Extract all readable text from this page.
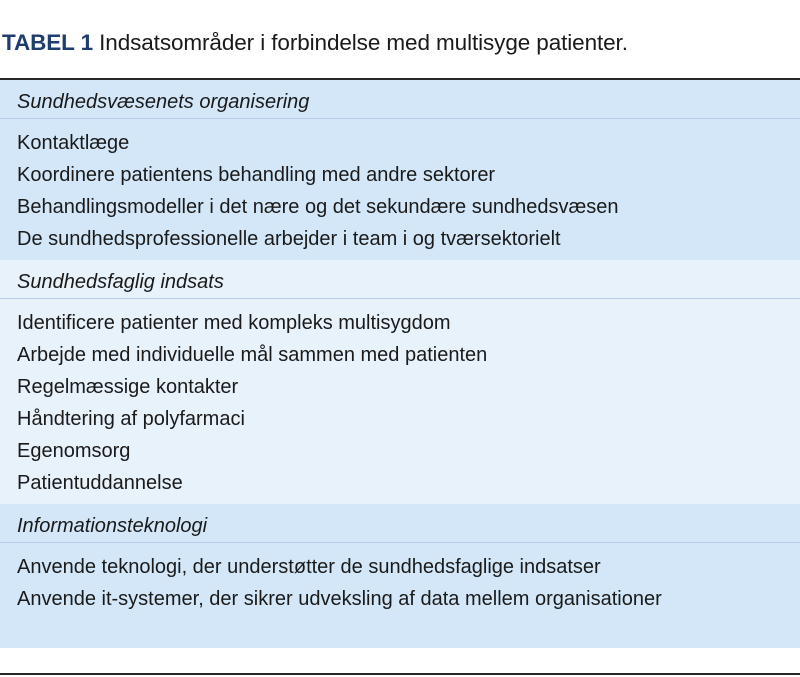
TABEL 1 Indsatsområder i forbindelse med multisyge patienter.
Sundhedsvæsenets organisering
Kontaktlæge
Koordinere patientens behandling med andre sektorer
Behandlingsmodeller i det nære og det sekundære sundhedsvæsen
De sundhedsprofessionelle arbejder i team i og tværsektorielt
Sundhedsfaglig indsats
Identificere patienter med kompleks multisygdom
Arbejde med individuelle mål sammen med patienten
Regelmæssige kontakter
Håndtering af polyfarmaci
Egenomsorg
Patientuddannelse
Informationsteknologi
Anvende teknologi, der understøtter de sundhedsfaglige indsatser
Anvende it-systemer, der sikrer udveksling af data mellem organisationer
